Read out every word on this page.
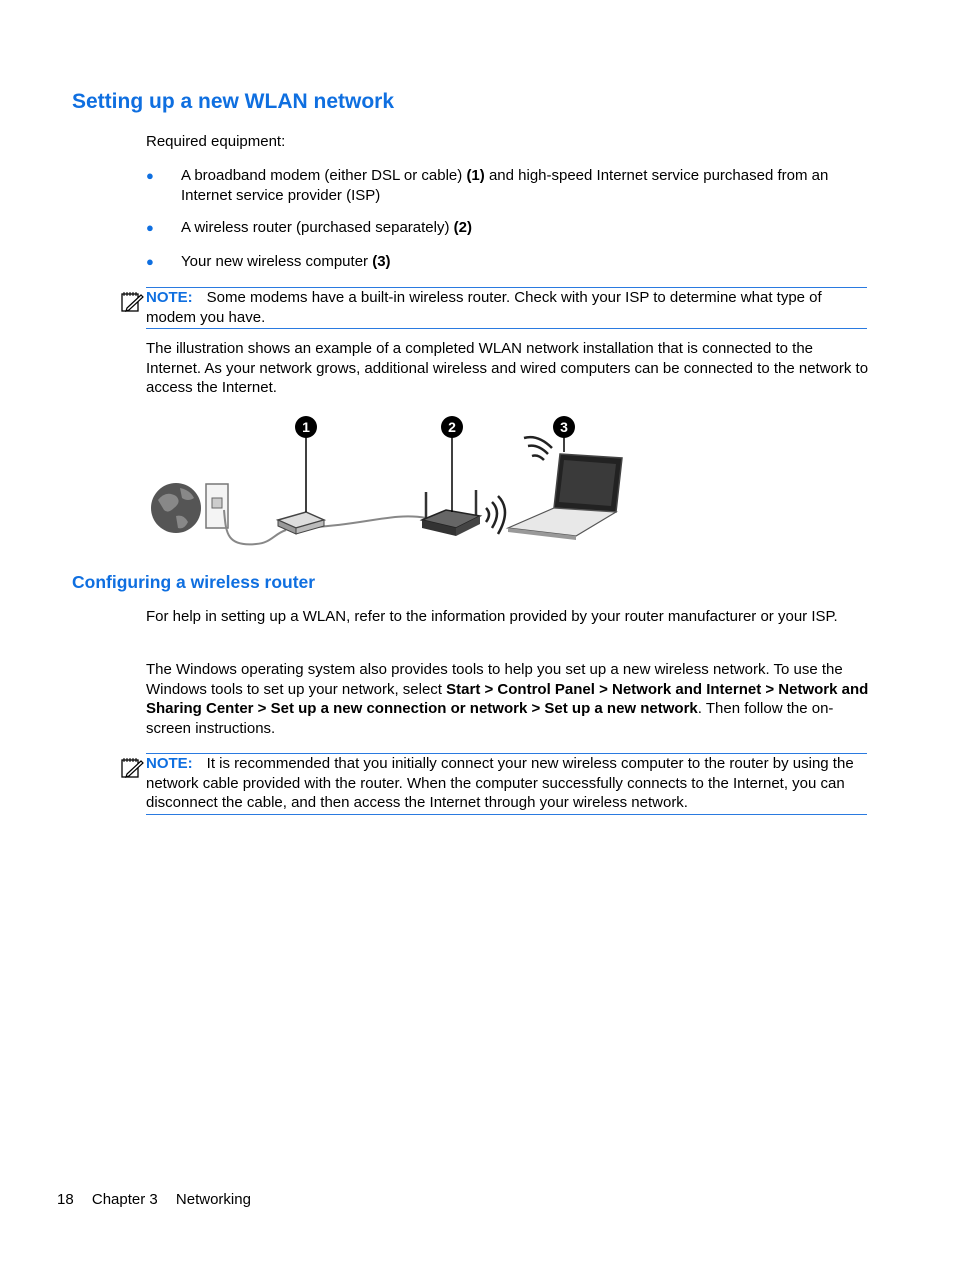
Setting up a new WLAN network

Required equipment:

● A broadband modem (either DSL or cable) (1) and high-speed Internet service purchased from an Internet service provider (ISP)
● A wireless router (purchased separately) (2)
● Your new wireless computer (3)
NOTE: Some modems have a built-in wireless router. Check with your ISP to determine what type of modem you have.

The illustration shows an example of a completed WLAN network installation that is connected to the Internet. As your network grows, additional wireless and wired computers can be connected to the network to access the Internet.

1	2	3
Configuring a wireless router

For help in setting up a WLAN, refer to the information provided by your router manufacturer or your ISP.

The Windows operating system also provides tools to help you set up a new wireless network. To use the Windows tools to set up your network, select Start > Control Panel > Network and Internet > Network and Sharing Center > Set up a new connection or network > Set up a new network. Then follow the on-screen instructions.

NOTE: It is recommended that you initially connect your new wireless computer to the router by using the network cable provided with the router. When the computer successfully connects to the Internet, you can disconnect the cable, and then access the Internet through your wireless network.
18 Chapter 3 Networking
